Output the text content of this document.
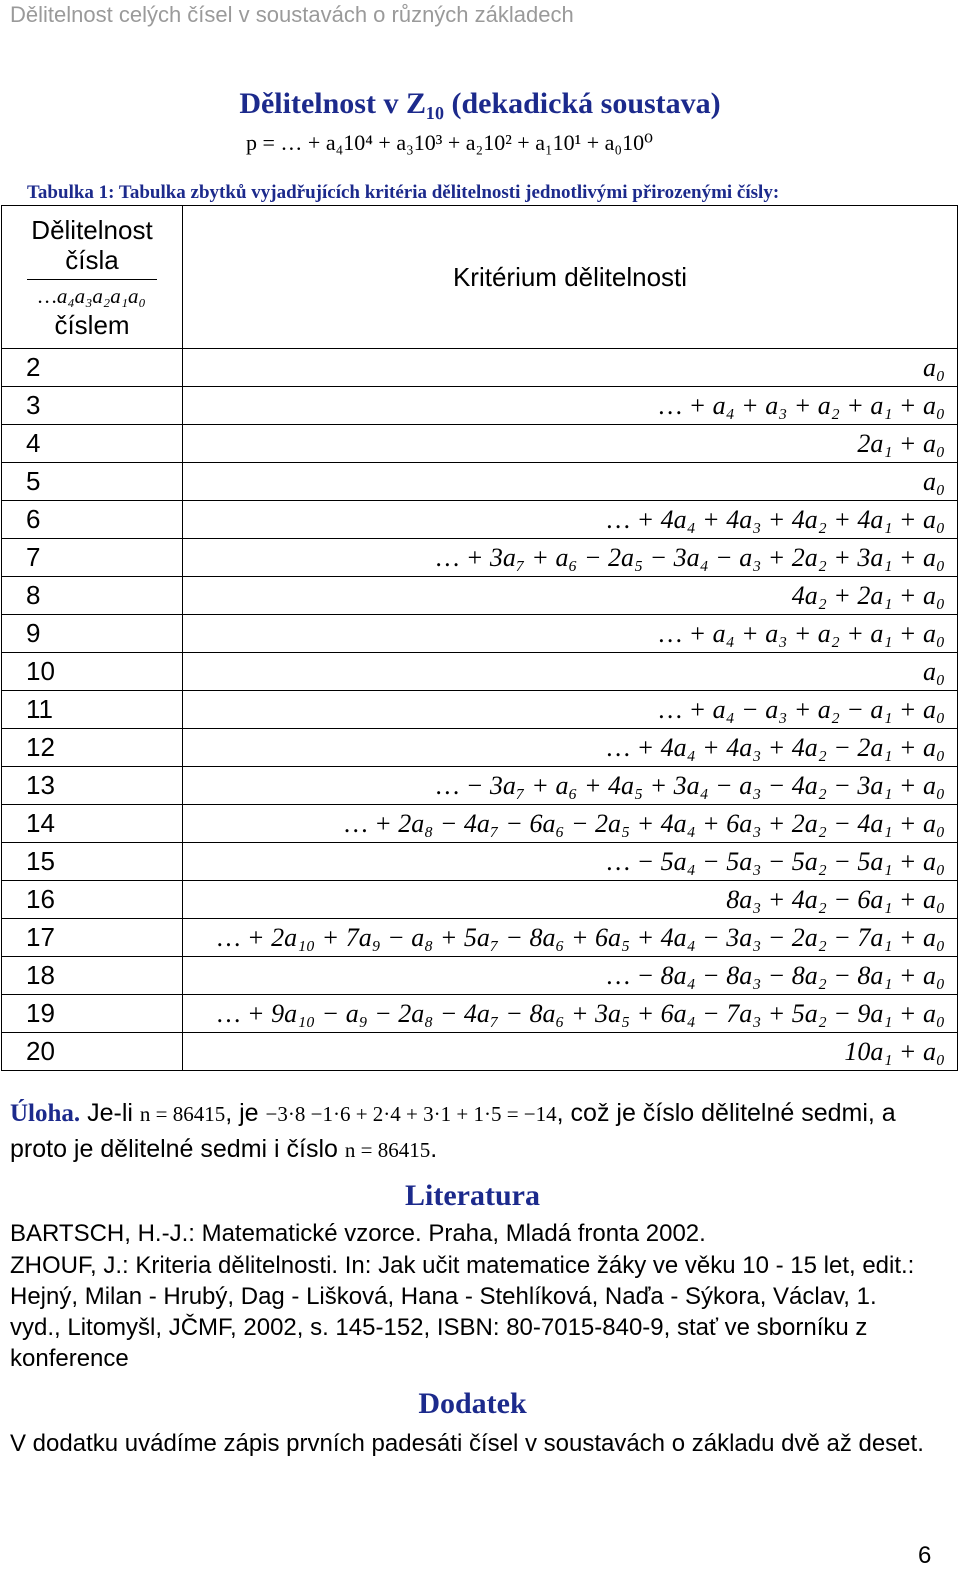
Dělitelnost celých čísel v soustavách o různých základech
Dělitelnost v Z₁₀ (dekadická soustava)
p = … + a₄10⁴ + a₃10³ + a₂10² + a₁10¹ + a₀10⁰
Tabulka 1: Tabulka zbytků vyjadřujících kritéria dělitelnosti jednotlivými přirozenými čísly:
Dělitelnost
čísla
…a₄a₃a₂a₁a₀
číslem	Kritérium dělitelnosti

2	a₀
3	… + a₄ + a₃ + a₂ + a₁ + a₀
4	2a₁ + a₀
5	a₀
6	… + 4a₄ + 4a₃ + 4a₂ + 4a₁ + a₀
7	… + 3a₇ + a₆ − 2a₅ − 3a₄ − a₃ + 2a₂ + 3a₁ + a₀
8	4a₂ + 2a₁ + a₀
9	… + a₄ + a₃ + a₂ + a₁ + a₀
10	a₀
11	… + a₄ − a₃ + a₂ − a₁ + a₀
12	… + 4a₄ + 4a₃ + 4a₂ − 2a₁ + a₀
13	… − 3a₇ + a₆ + 4a₅ + 3a₄ − a₃ − 4a₂ − 3a₁ + a₀
14	… + 2a₈ − 4a₇ − 6a₆ − 2a₅ + 4a₄ + 6a₃ + 2a₂ − 4a₁ + a₀
15	… − 5a₄ − 5a₃ − 5a₂ − 5a₁ + a₀
16	8a₃ + 4a₂ − 6a₁ + a₀
17	… + 2a₁₀ + 7a₉ − a₈ + 5a₇ − 8a₆ + 6a₅ + 4a₄ − 3a₃ − 2a₂ − 7a₁ + a₀
18	… − 8a₄ − 8a₃ − 8a₂ − 8a₁ + a₀
19	… + 9a₁₀ − a₉ − 2a₈ − 4a₇ − 8a₆ + 3a₅ + 6a₄ − 7a₃ + 5a₂ − 9a₁ + a₀
20	10a₁ + a₀
Úloha. Je-li n = 86415, je −3·8 −1·6 + 2·4 + 3·1 + 1·5 = −14, což je číslo dělitelné sedmi, a proto je dělitelné sedmi i číslo n = 86415.
Literatura
BARTSCH, H.-J.: Matematické vzorce. Praha, Mladá fronta 2002.
ZHOUF, J.: Kriteria dělitelnosti. In: Jak učit matematice žáky ve věku 10 - 15 let, edit.: Hejný, Milan - Hrubý, Dag - Lišková, Hana - Stehlíková, Naďa - Sýkora, Václav, 1. vyd., Litomyšl, JČMF, 2002, s. 145-152, ISBN: 80-7015-840-9, stať ve sborníku z konference
Dodatek
V dodatku uvádíme zápis prvních padesáti čísel v soustavách o základu dvě až deset.
6
